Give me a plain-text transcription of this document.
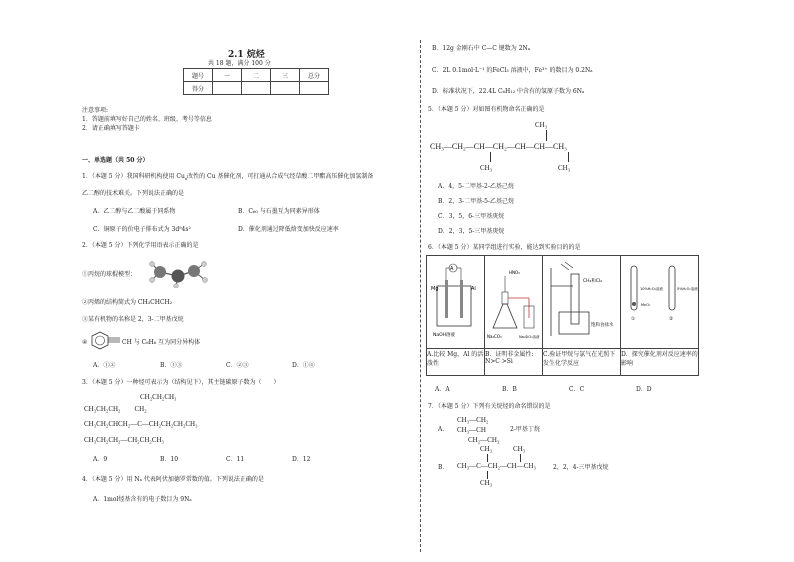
2.1 烷烃
共 18 题，满分 100 分
题号	一	二	三	总分
得分				
注意事项:
1．答题前填写好自己的姓名、班级、考号等信息
2．请正确填写答题卡
一、单选题（共 50 分）
1．（本题 5 分）我国科研机构使用 $Cu_x$改性的 Cu 基催化剂，可打通从合成气经草酸二甲酯高压催化加氢制备
乙二醇的技术难关。下列说法正确的是
A．乙二醇与乙二酸属于同系物	B．C₆₀ 与石墨互为同素异形体
C．铜原子的价电子排布式为 3d⁹4s²	D．催化剂通过降低焓变加快反应速率
2．（本题 5 分）下列化学用语表示正确的是
①丙烷的球棍模型：
②丙烯的结构简式为 CH₃CHCH₂
③某有机物的名称是 2，3-二甲基戊烷
④	CH 与 C₈H₆ 互为同分异构体
A．①②	B．①③	C．②③	D．①④
3．（本题 5 分）一种烃可表示为（结构见下），其主链碳原子数为（　　）
CH₂CH₂CH₃
CH₃CH₂CH₂　　CH₂
CH₃CH₂CHCH₂—C—CH₂CH₂CH₂CH₃
CH₃CH₂CH₂—CH₂CH₂CH₃
A．9	B．10	C．11	D．12
4．（本题 5 分）用 Nₐ 代表阿伏加德罗常数的值。下列说法正确的是
A．1mol烃基含有的电子数目为 9Nₐ
B．12g 金刚石中 C—C 键数为 2Nₐ
C．2L 0.1mol·L⁻¹ 的FeCl₃ 溶液中，Fe³⁺ 的数目为 0.2Nₐ
D．标准状况下，22.4L C₆H₁₂ 中含有的氢原子数为 6Nₐ
5．（本题 5 分）对如图有机物命名正确的是
CH₃
CH₃—CH₂—CH—CH₂—CH—CH—CH₃
CH₃	CH₃
A．4，5-二甲基-2-乙基己烷
B．2，3-二甲基-5-乙基己烷
C．3，5，6-三甲基庚烷
D．2，3，5-三甲基庚烷
6．（本题 5 分）某同学组进行实验，能达到实验目的的是
A
Mg Al
NaOH溶液	HNO₃
Na₂CO₃ Na₂SiO₃溶液	CH₄和Cl₂
饱和食盐水	10%H₂O₂溶液
MnO₂
5%H₂O₂溶液
① ②

A.比较 Mg、Al 的活泼性	B．证明非金属性: N>C >Si	C.验证甲烷与氯气在光照下发生化学反应	D．探究催化剂对反应速率的影响
A．A	B．B	C．C	D．D
7．（本题 5 分）下列有关烷烃的命名错误的是
A．
CH₃—CH₂
CH₃—CH
CH₂—CH₃
2-甲基丁烷
B．
CH₃	CH₃
CH₃—C—CH₂—CH—CH₃
CH₃
2，2，4-三甲基戊烷
